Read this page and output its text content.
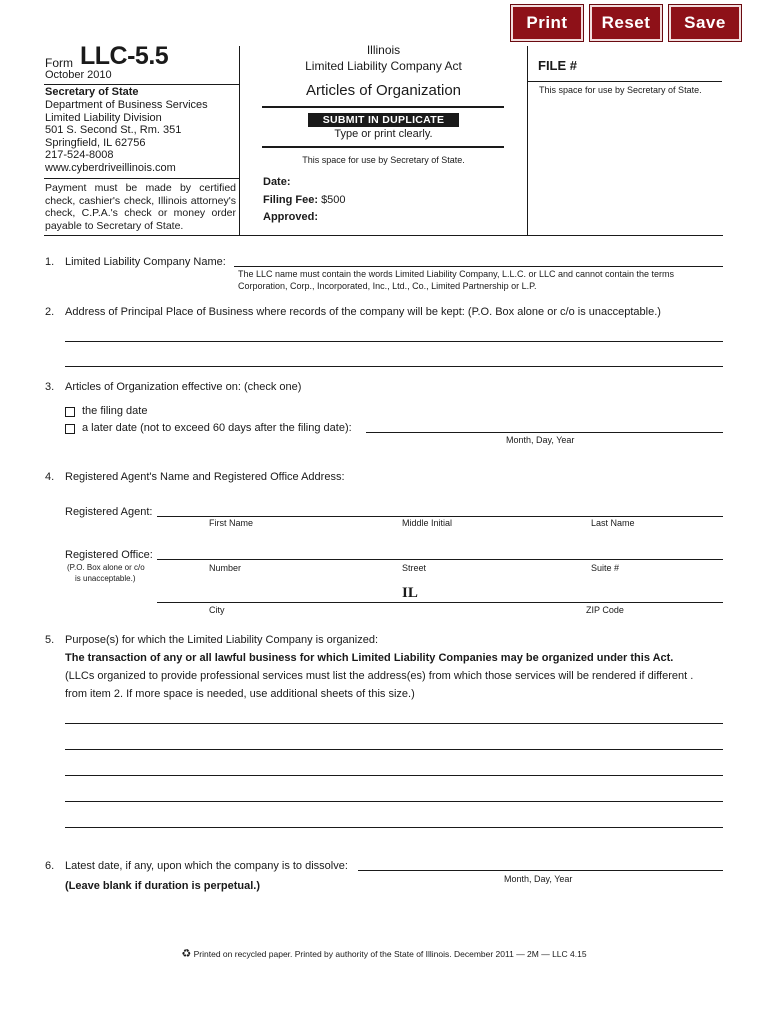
Print	Reset	Save
Form LLC-5.5
October 2010
Secretary of State
Department of Business Services
Limited Liability Division
501 S. Second St., Rm. 351
Springfield, IL 62756
217-524-8008
www.cyberdriveillinois.com
Payment must be made by certified check, cashier's check, Illinois attorney's check, C.P.A.'s check or money order payable to Secretary of State.
Illinois
Limited Liability Company Act
Articles of Organization
SUBMIT IN DUPLICATE
Type or print clearly.
This space for use by Secretary of State.
Date:
Filing Fee: $500
Approved:
FILE #
This space for use by Secretary of State.
1. Limited Liability Company Name:
The LLC name must contain the words Limited Liability Company, L.L.C. or LLC and cannot contain the terms Corporation, Corp., Incorporated, Inc., Ltd., Co., Limited Partnership or L.P.
2. Address of Principal Place of Business where records of the company will be kept: (P.O. Box alone or c/o is unacceptable.)
3. Articles of Organization effective on: (check one)
the filing date
a later date (not to exceed 60 days after the filing date):
Month, Day, Year
4. Registered Agent's Name and Registered Office Address:
Registered Agent:
First Name	Middle Initial	Last Name
Registered Office:
(P.O. Box alone or c/o
is unacceptable.)
Number	Street	Suite #
IL
City	ZIP Code
5. Purpose(s) for which the Limited Liability Company is organized:
The transaction of any or all lawful business for which Limited Liability Companies may be organized under this Act.
(LLCs organized to provide professional services must list the address(es) from which those services will be rendered if different .
from item 2. If more space is needed, use additional sheets of this size.)
6. Latest date, if any, upon which the company is to dissolve:
Month, Day, Year
(Leave blank if duration is perpetual.)
♻ Printed on recycled paper. Printed by authority of the State of Illinois. December 2011 — 2M — LLC 4.15
